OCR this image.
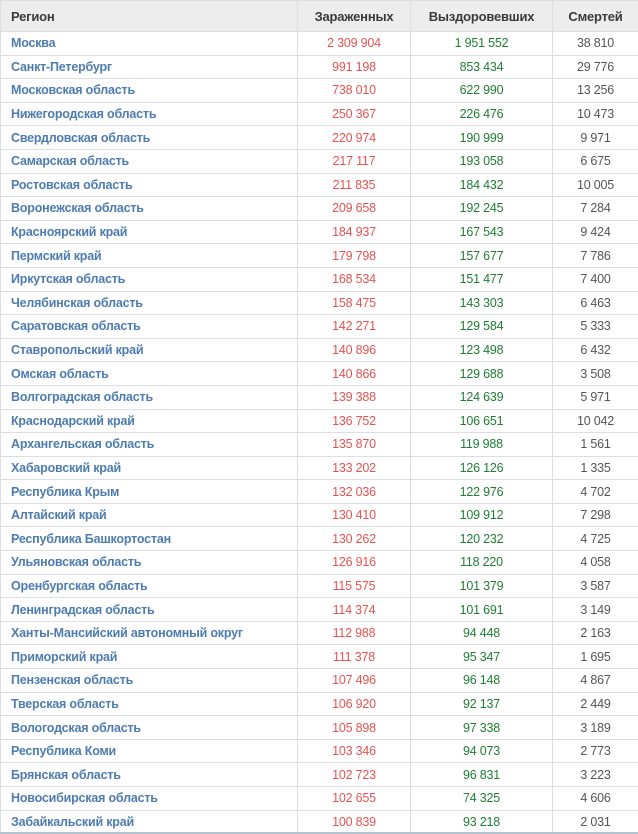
Регион	Зараженных	Выздоровевших	Смертей
Москва	2 309 904	1 951 552	38 810
Санкт-Петербург	991 198	853 434	29 776
Московская область	738 010	622 990	13 256
Нижегородская область	250 367	226 476	10 473
Свердловская область	220 974	190 999	9 971
Самарская область	217 117	193 058	6 675
Ростовская область	211 835	184 432	10 005
Воронежская область	209 658	192 245	7 284
Красноярский край	184 937	167 543	9 424
Пермский край	179 798	157 677	7 786
Иркутская область	168 534	151 477	7 400
Челябинская область	158 475	143 303	6 463
Саратовская область	142 271	129 584	5 333
Ставропольский край	140 896	123 498	6 432
Омская область	140 866	129 688	3 508
Волгоградская область	139 388	124 639	5 971
Краснодарский край	136 752	106 651	10 042
Архангельская область	135 870	119 988	1 561
Хабаровский край	133 202	126 126	1 335
Республика Крым	132 036	122 976	4 702
Алтайский край	130 410	109 912	7 298
Республика Башкортостан	130 262	120 232	4 725
Ульяновская область	126 916	118 220	4 058
Оренбургская область	115 575	101 379	3 587
Ленинградская область	114 374	101 691	3 149
Ханты-Мансийский автономный округ	112 988	94 448	2 163
Приморский край	111 378	95 347	1 695
Пензенская область	107 496	96 148	4 867
Тверская область	106 920	92 137	2 449
Вологодская область	105 898	97 338	3 189
Республика Коми	103 346	94 073	2 773
Брянская область	102 723	96 831	3 223
Новосибирская область	102 655	74 325	4 606
Забайкальский край	100 839	93 218	2 031
